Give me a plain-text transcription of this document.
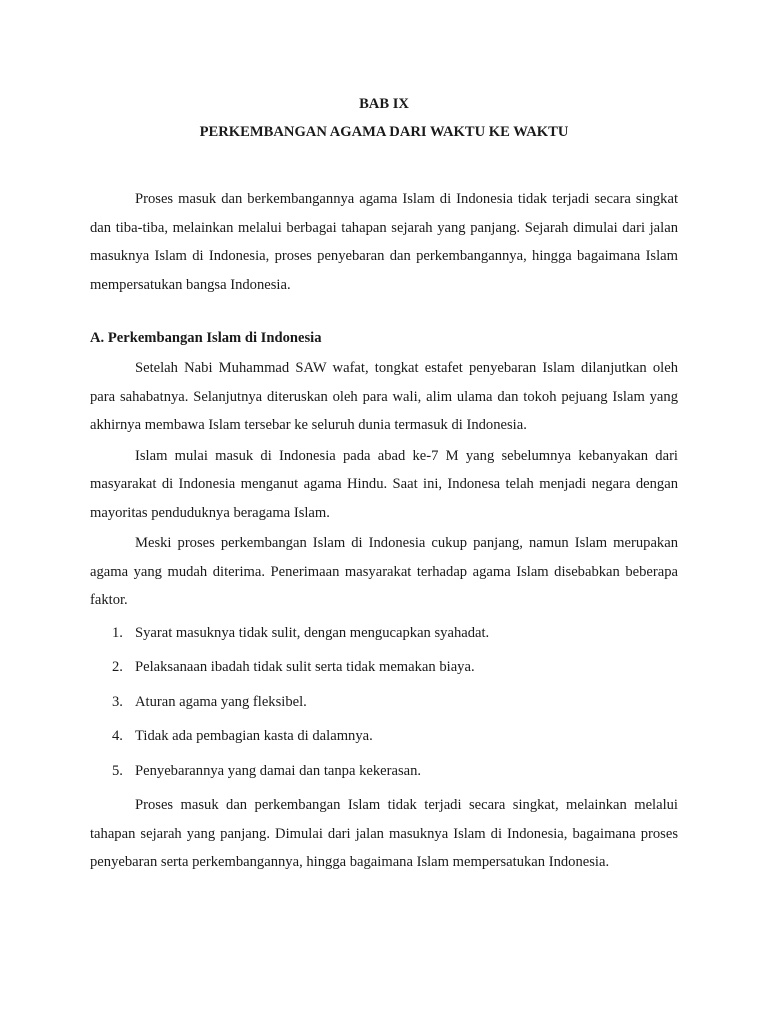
BAB IX

PERKEMBANGAN AGAMA DARI WAKTU KE WAKTU

Proses masuk dan berkembangannya agama Islam di Indonesia tidak terjadi secara singkat dan tiba-tiba, melainkan melalui berbagai tahapan sejarah yang panjang. Sejarah dimulai dari jalan masuknya Islam di Indonesia, proses penyebaran dan perkembangannya, hingga bagaimana Islam mempersatukan bangsa Indonesia.

A. Perkembangan Islam di Indonesia

Setelah Nabi Muhammad SAW wafat, tongkat estafet penyebaran Islam dilanjutkan oleh para sahabatnya. Selanjutnya diteruskan oleh para wali, alim ulama dan tokoh pejuang Islam yang akhirnya membawa Islam tersebar ke seluruh dunia termasuk di Indonesia.

Islam mulai masuk di Indonesia pada abad ke-7 M yang sebelumnya kebanyakan dari masyarakat di Indonesia menganut agama Hindu. Saat ini, Indonesa telah menjadi negara dengan mayoritas penduduknya beragama Islam.

Meski proses perkembangan Islam di Indonesia cukup panjang, namun Islam merupakan agama yang mudah diterima. Penerimaan masyarakat terhadap agama Islam disebabkan beberapa faktor.

1. Syarat masuknya tidak sulit, dengan mengucapkan syahadat.
2. Pelaksanaan ibadah tidak sulit serta tidak memakan biaya.
3. Aturan agama yang fleksibel.
4. Tidak ada pembagian kasta di dalamnya.
5. Penyebarannya yang damai dan tanpa kekerasan.

Proses masuk dan perkembangan Islam tidak terjadi secara singkat, melainkan melalui tahapan sejarah yang panjang. Dimulai dari jalan masuknya Islam di Indonesia, bagaimana proses penyebaran serta perkembangannya, hingga bagaimana Islam mempersatukan Indonesia.
